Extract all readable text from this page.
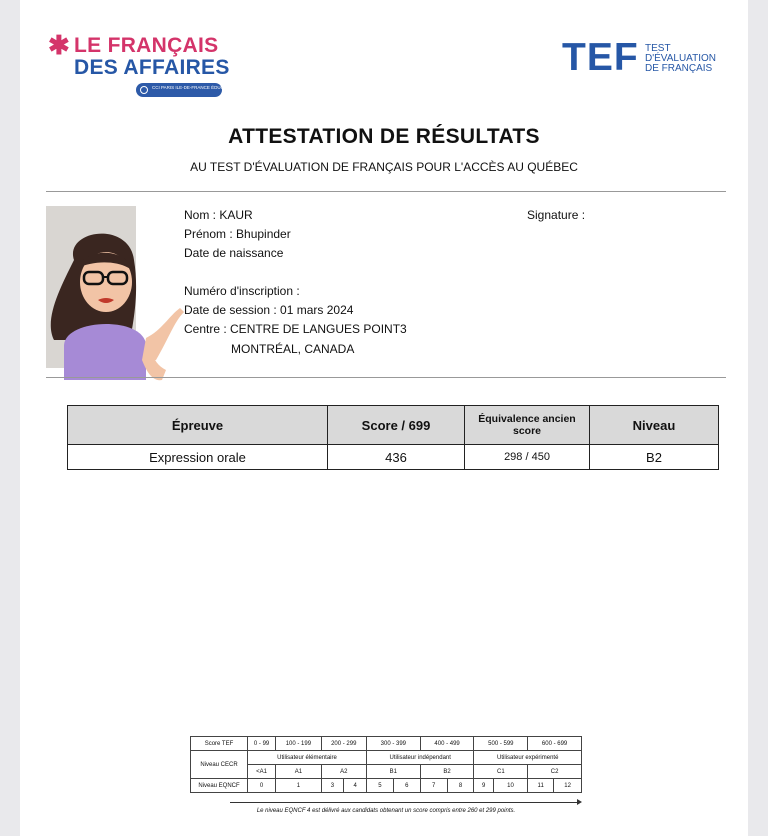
✱ LE FRANÇAIS
DES AFFAIRES
CCI PARIS ILE-DE-FRANCE ÉDUCATION
TEF TEST
D'ÉVALUATION
DE FRANÇAIS
ATTESTATION DE RÉSULTATS
AU TEST D'ÉVALUATION DE FRANÇAIS POUR L'ACCÈS AU QUÉBEC
Nom : KAUR
Prénom : Bhupinder
Date de naissance
Numéro d'inscription :
Date de session : 01 mars 2024
Centre : CENTRE DE LANGUES POINT3
MONTRÉAL, CANADA
Signature :
Épreuve	Score / 699	Équivalence ancien score	Niveau
Expression orale	436	298 / 450	B2
Score TEF	0 - 99	100 - 199	200 - 299		300 - 399		400 - 499		500 - 599		600 - 699	
Niveau CECR	Utilisateur élémentaire				Utilisateur indépendant				Utilisateur expérimenté			
	<A1	A1	A2		B1		B2		C1		C2	
Niveau EQNCF	0	1	3	4	5	6	7	8	9	10	11	12
Le niveau EQNCF 4 est délivré aux candidats obtenant un score compris entre 260 et 299 points.
